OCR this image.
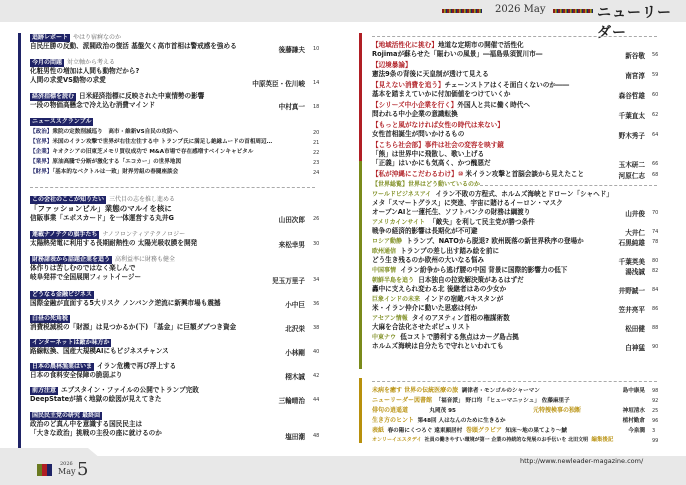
2026 May	ニューリーダー
追跡レポート やはり宿痾なのか
自民圧勝の反動、派閥政治の復活 基盤欠く高市首相は警戒感を強める	後藤謙夫 10
今月の問題 対立軸から考える
化粧男性の増加は人間も動物だから?
人間の求愛VS動物の求愛	中原英臣・佐川峻 14
経済指標を読む 日米経済指標に反映された中東情勢の影響
一段の物価高懸念で冷え込む消費マインド	中村真一 18
ニューススクランブル
【政治】衆院の定数削減巡り　高市・維新VS自民の攻防へ	20
【官界】米国のイラン攻撃で世界が右往左往する中 トランプ氏に満足し絶縁ムードの首相周辺…	21
【企業】キオクシアの旧東芝メモリ買収成功で M&A市場で存在感増すベインキャピタル	22
【業界】原油高騰で分断が激化する「エコカー」の世界地図	23
【財界】「基本的なベクトルは一致」財界労組の春闘座談会	24
この会社のここが知りたい 三代目の志を推し進める
「ファッションビル」業態のマルイを核に
信販事業「エポスカード」を一体運営する丸井G	山田次郎 26
連載ナノテクの旗手たち ナノフロンティアテクノロジー
太陽熱発電に利用する長期耐熱性の 太陽光吸収膜を開発	来松幸男 30
財務諸表から話題企業を追う 高利益率に財務も健全
体作りは苦しむのではなく楽しんで
岐阜発祥で全国展開フィットイージー	児玉万里子 34
どうなる金融ビジネス
国際金融が直面する5大リスク ノンバンク逆流に新興市場も震撼	小中巨 36
白昼の死角税
消費税減税の「財源」は見つかるか(下) 「基金」に巨額ダブつき資金	北沢栄 38
インターネットは敵か味方か
路線転換、国産大規模AIにもビジネスチャンス	小林剛 40
日本の農林漁業はいま イラン危機で再び浮上する
日本の食料安全保障の脆弱ぶり	栩木誠 42
前方注意 エプスタイン・ファイルの公開でトランプ完敗
DeepStateが描く地獄の絵図が見えてきた	三輪晴治 44
国民民主党の研究 最終回
政治のど真ん中を意識する国民民主は
「大きな政治」挑戦の主役の座に就けるのか	塩田潮 48
【地域活性化に挑む】地道な定期市の開催で活性化
Rojimaが蘇らせた「賑わいの風景」―福島県須賀川市―	新谷敬 56
【辺境暴論】
憲法9条の背後に天皇制が透けて見える	南宮淳 59
【見えない消費を追う】チェーンストアはくそ面白くないのか――
基本を踏まえていかに付加価値をつけていくか	森谷哲雄 60
【シリーズ中小企業を行く】外国人と共に働く時代へ
問われる中小企業の意識転換	千葉直太 62
【もっと風がなければ女性の時代は来ない】
女性首相誕生が問いかけるもの	野木秀子 64
【こちら社会部】事件は社会の変容を映す鏡
「熊」は世界中に飛散し、歌い上げる
「正義」はいかにも気高く、かつ醜悪だ	玉木研二 66
【私が沖縄にこだわるわけ】⑩ 米イラン攻撃と首脳会談から見えたこと	河原仁志 68
【世界総覧】世界はどう動いているのか
ワールドビジネスアイ イラン不敗の方程式、ホルムズ海峡とドローン「シャヘド」
メタ「スマートグラス」に突進、宇宙に賭けるイーロン・マスク
オープンAIと一蓮托生、ソフトバンクの財務は綱渡り	山井俊 70
アメリカインサイト 「敵失」を利して民主党が勝つ条件
戦争の経済的影響は長期化が不可避	大井仁 74
ロシア動静 トランプ、NATOから脱退? 欧州既落の新世界秩序の登場か	石黒純雄 78
欧州通信 トランプの差し出す踏み絵を前に
どう生き残るのか欧州の大いなる悩み	千葉英美 80
中国事情 イラン紛争から逃げ腰の中国 背景に国際的影響力の低下	湯浅誠 82
朝鮮半島を追う 日本独自の拉致解決策があるはずだ
轟中に支えられ変わる北 後継者はあの少女か	井野誠一 84
巨象インドの未来 インドの宿敵パキスタンが
米・イラン仲介に動いた思惑は何か	笠井亮平 86
アセアン情報 タイのアヌティン首相の権謀術数
大麻を合法化させたポピュリスト	松田健 88
中東ナウ 低コストで勝利する焦点はカーグ島占拠
ホルムズ海峡は自分たちで守れといわれても	白神猛 90
未病を癒す 世界の伝統医療の旅 調律者・モンゴルのシャーマン	島中康晃 98
ニューリーダー図書館 「福音派」 野口均 「ヒューマニッシュ」 佐藤麻里子	92
俳句の逍遥道	丸岡茂 95	元特捜検事の独断	神垣清水 25
生き方のヒント 第48回 人はなんのために生きるか	植村勤倉 96
表紙 春の陽にくつろぐ 遠東顔居村 巻頭グラビア 知床〜地の果てより〜鯱	今泉潤 3
オンリーイエスタデイ 社員の働きやすい環境が第一 企業の持続的な発展のお手伝いを 北田文明 編集後記	99
2026
May 5	http://www.newleader-magazine.com/
